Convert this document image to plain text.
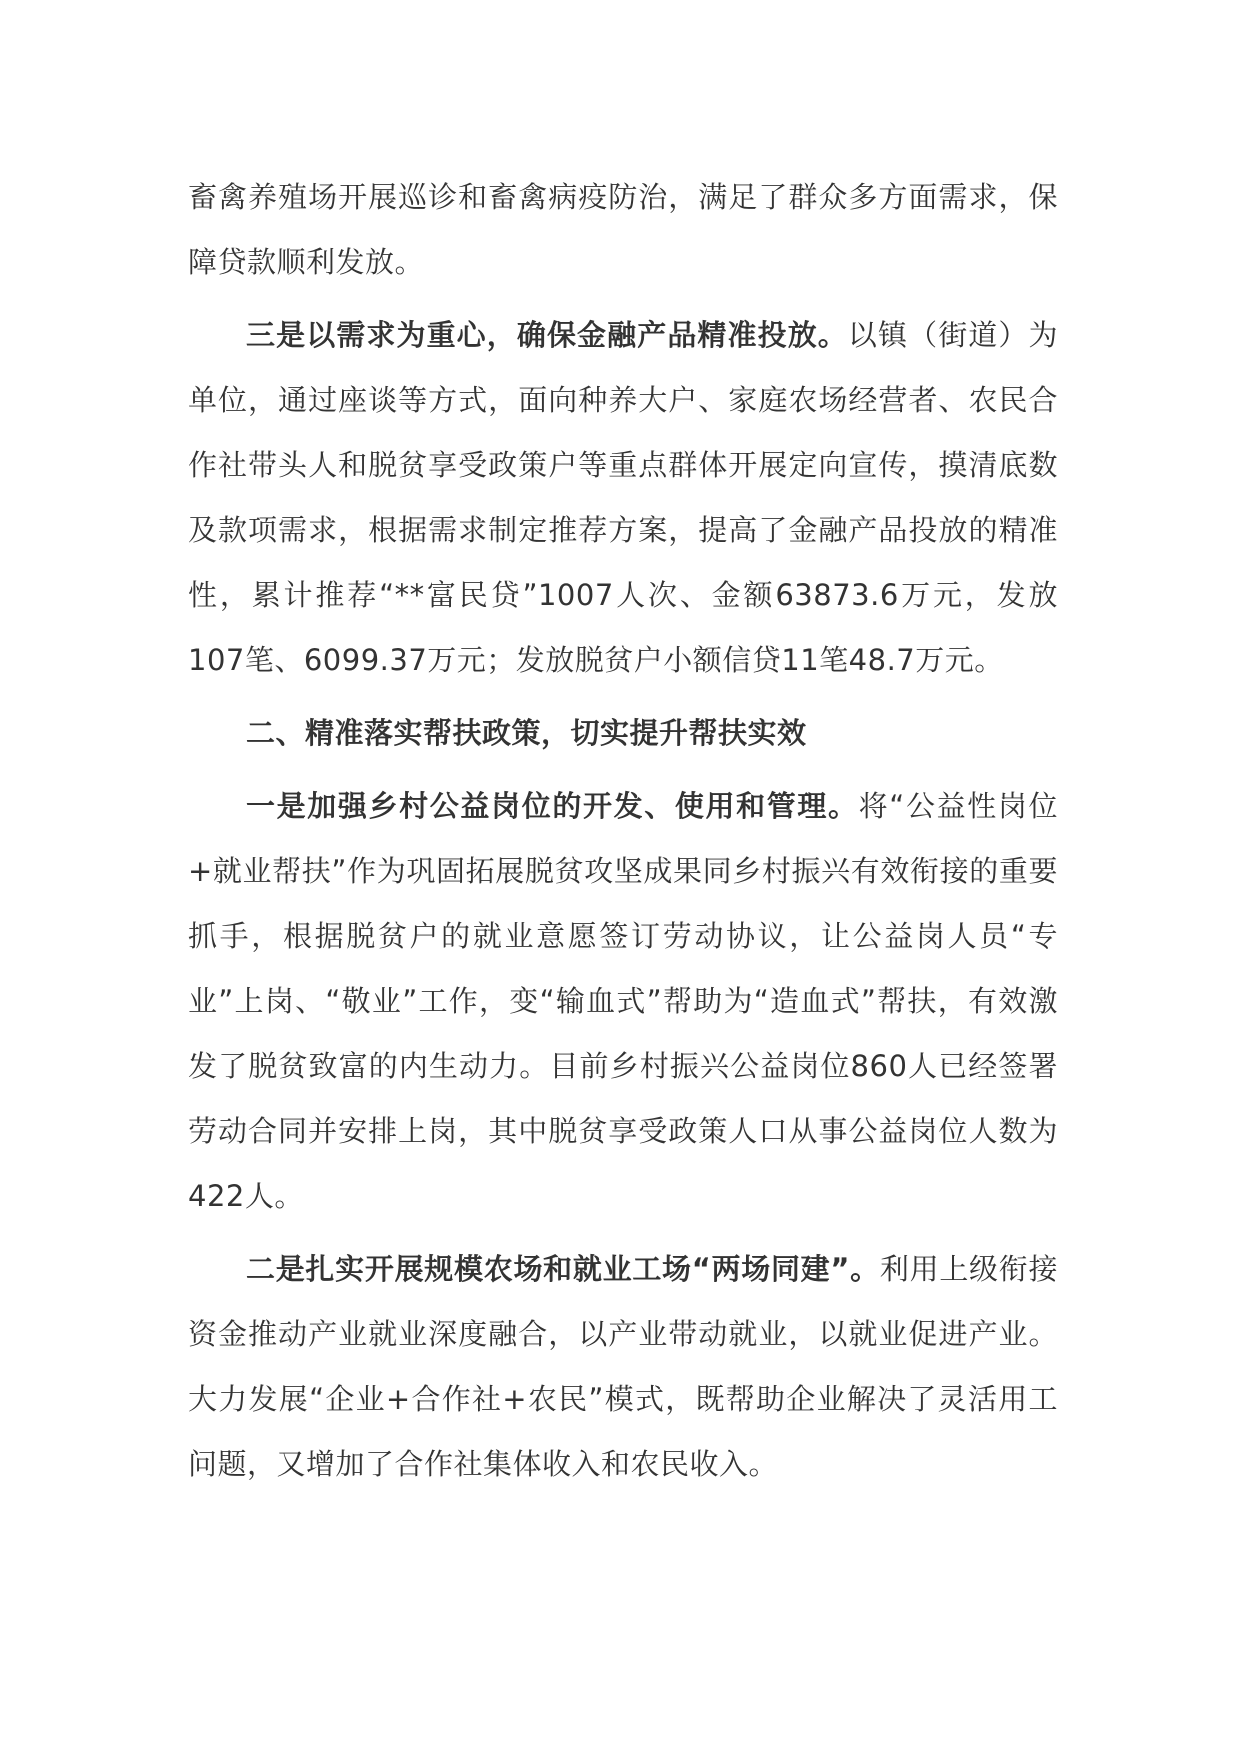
畜禽养殖场开展巡诊和畜禽病疫防治，满足了群众多方面需求，保障贷款顺利发放。

三是以需求为重心，确保金融产品精准投放。以镇（街道）为单位，通过座谈等方式，面向种养大户、家庭农场经营者、农民合作社带头人和脱贫享受政策户等重点群体开展定向宣传，摸清底数及款项需求，根据需求制定推荐方案，提高了金融产品投放的精准性，累计推荐“**富民贷”1007人次、金额63873.6万元，发放107笔、6099.37万元；发放脱贫户小额信贷11笔48.7万元。

二、精准落实帮扶政策，切实提升帮扶实效

一是加强乡村公益岗位的开发、使用和管理。将“公益性岗位+就业帮扶”作为巩固拓展脱贫攻坚成果同乡村振兴有效衔接的重要抓手，根据脱贫户的就业意愿签订劳动协议，让公益岗人员“专业”上岗、“敬业”工作，变“输血式”帮助为“造血式”帮扶，有效激发了脱贫致富的内生动力。目前乡村振兴公益岗位860人已经签署劳动合同并安排上岗，其中脱贫享受政策人口从事公益岗位人数为422人。

二是扎实开展规模农场和就业工场“两场同建”。利用上级衔接资金推动产业就业深度融合，以产业带动就业，以就业促进产业。大力发展“企业+合作社+农民”模式，既帮助企业解决了灵活用工问题，又增加了合作社集体收入和农民收入。
